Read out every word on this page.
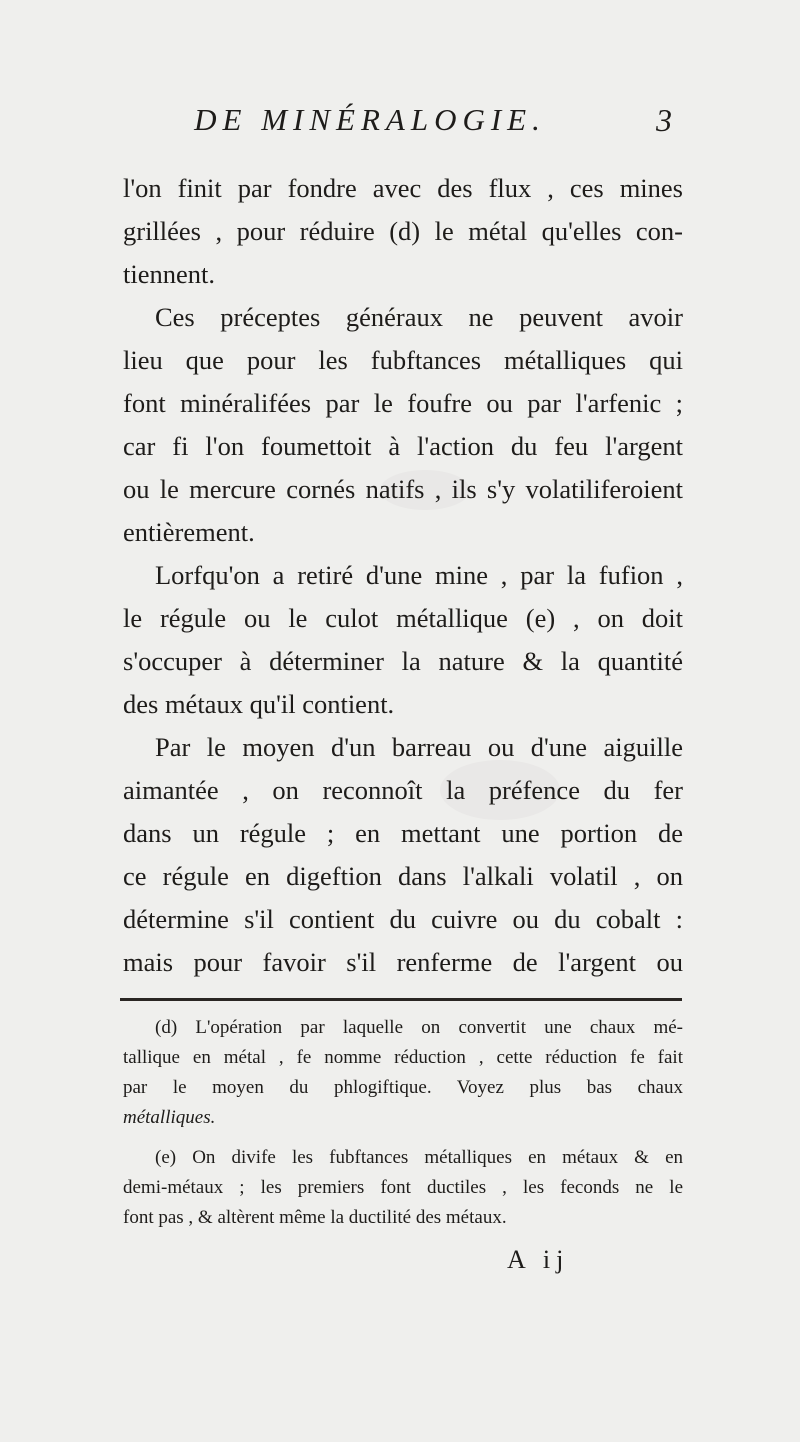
DE MINÉRALOGIE.	3
l'on finit par fondre avec des flux , ces mines
grillées , pour réduire (d) le métal qu'elles con-
tiennent.
Ces préceptes généraux ne peuvent avoir
lieu que pour les fubftances métalliques qui
font minéralifées par le foufre ou par l'arfenic ;
car fi l'on foumettoit à l'action du feu l'argent
ou le mercure cornés natifs , ils s'y volatiliferoient
entièrement.
Lorfqu'on a retiré d'une mine , par la fufion ,
le régule ou le culot métallique (e) , on doit
s'occuper à déterminer la nature & la quantité
des métaux qu'il contient.
Par le moyen d'un barreau ou d'une aiguille
aimantée , on reconnoît la préfence du fer
dans un régule ; en mettant une portion de
ce régule en digeftion dans l'alkali volatil , on
détermine s'il contient du cuivre ou du cobalt :
mais pour favoir s'il renferme de l'argent ou
(d) L'opération par laquelle on convertit une chaux mé-
tallique en métal , fe nomme réduction , cette réduction fe fait
par le moyen du phlogiftique. Voyez plus bas chaux
métalliques.
(e) On divife les fubftances métalliques en métaux & en
demi-métaux ; les premiers font ductiles , les feconds ne le
font pas , & altèrent même la ductilité des métaux.
A ij
